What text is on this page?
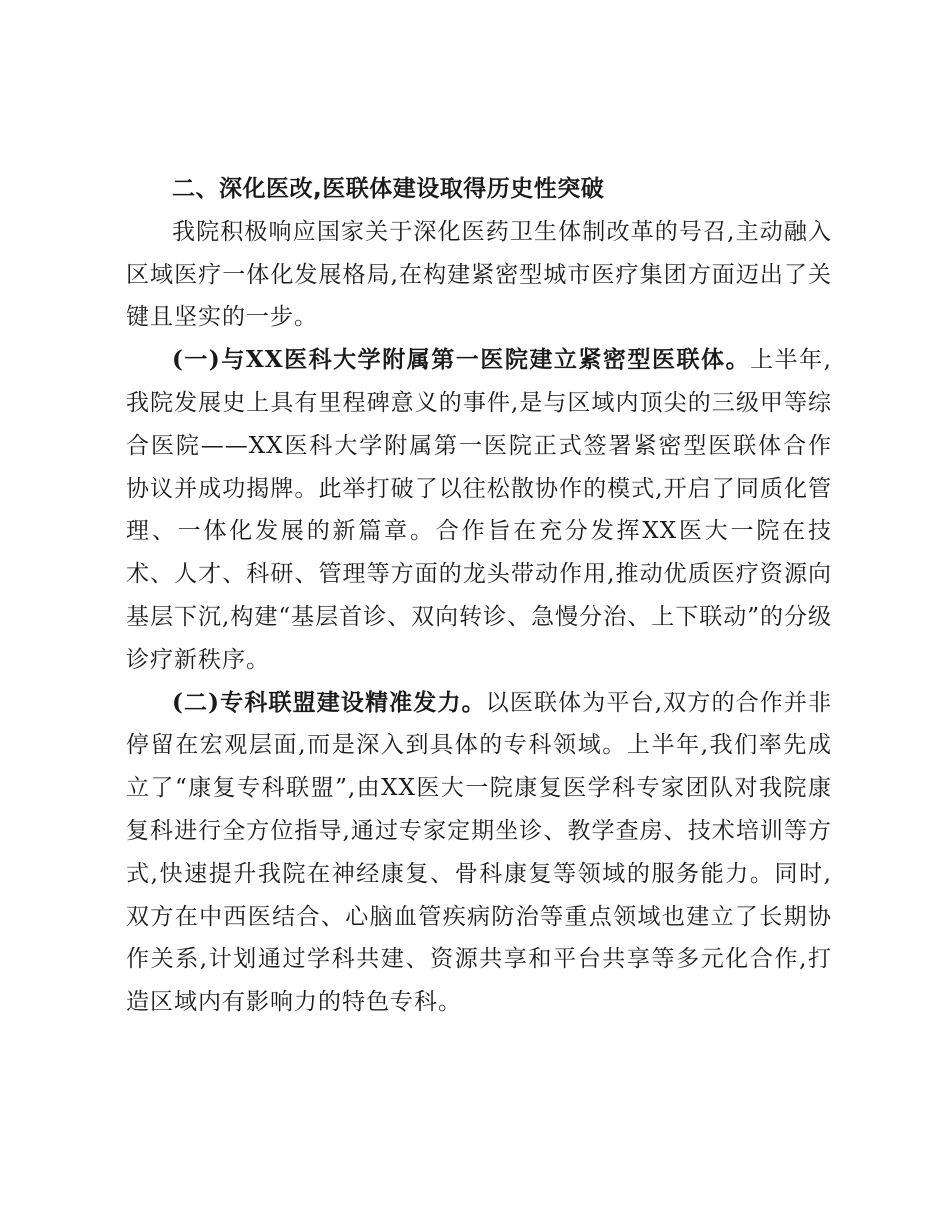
二、深化医改,医联体建设取得历史性突破

我院积极响应国家关于深化医药卫生体制改革的号召,主动融入区域医疗一体化发展格局,在构建紧密型城市医疗集团方面迈出了关键且坚实的一步。

(一)与XX医科大学附属第一医院建立紧密型医联体。上半年,我院发展史上具有里程碑意义的事件,是与区域内顶尖的三级甲等综合医院——XX医科大学附属第一医院正式签署紧密型医联体合作协议并成功揭牌。此举打破了以往松散协作的模式,开启了同质化管理、一体化发展的新篇章。合作旨在充分发挥XX医大一院在技术、人才、科研、管理等方面的龙头带动作用,推动优质医疗资源向基层下沉,构建“基层首诊、双向转诊、急慢分治、上下联动”的分级诊疗新秩序。

(二)专科联盟建设精准发力。以医联体为平台,双方的合作并非停留在宏观层面,而是深入到具体的专科领域。上半年,我们率先成立了“康复专科联盟”,由XX医大一院康复医学科专家团队对我院康复科进行全方位指导,通过专家定期坐诊、教学查房、技术培训等方式,快速提升我院在神经康复、骨科康复等领域的服务能力。同时,双方在中西医结合、心脑血管疾病防治等重点领域也建立了长期协作关系,计划通过学科共建、资源共享和平台共享等多元化合作,打造区域内有影响力的特色专科。
